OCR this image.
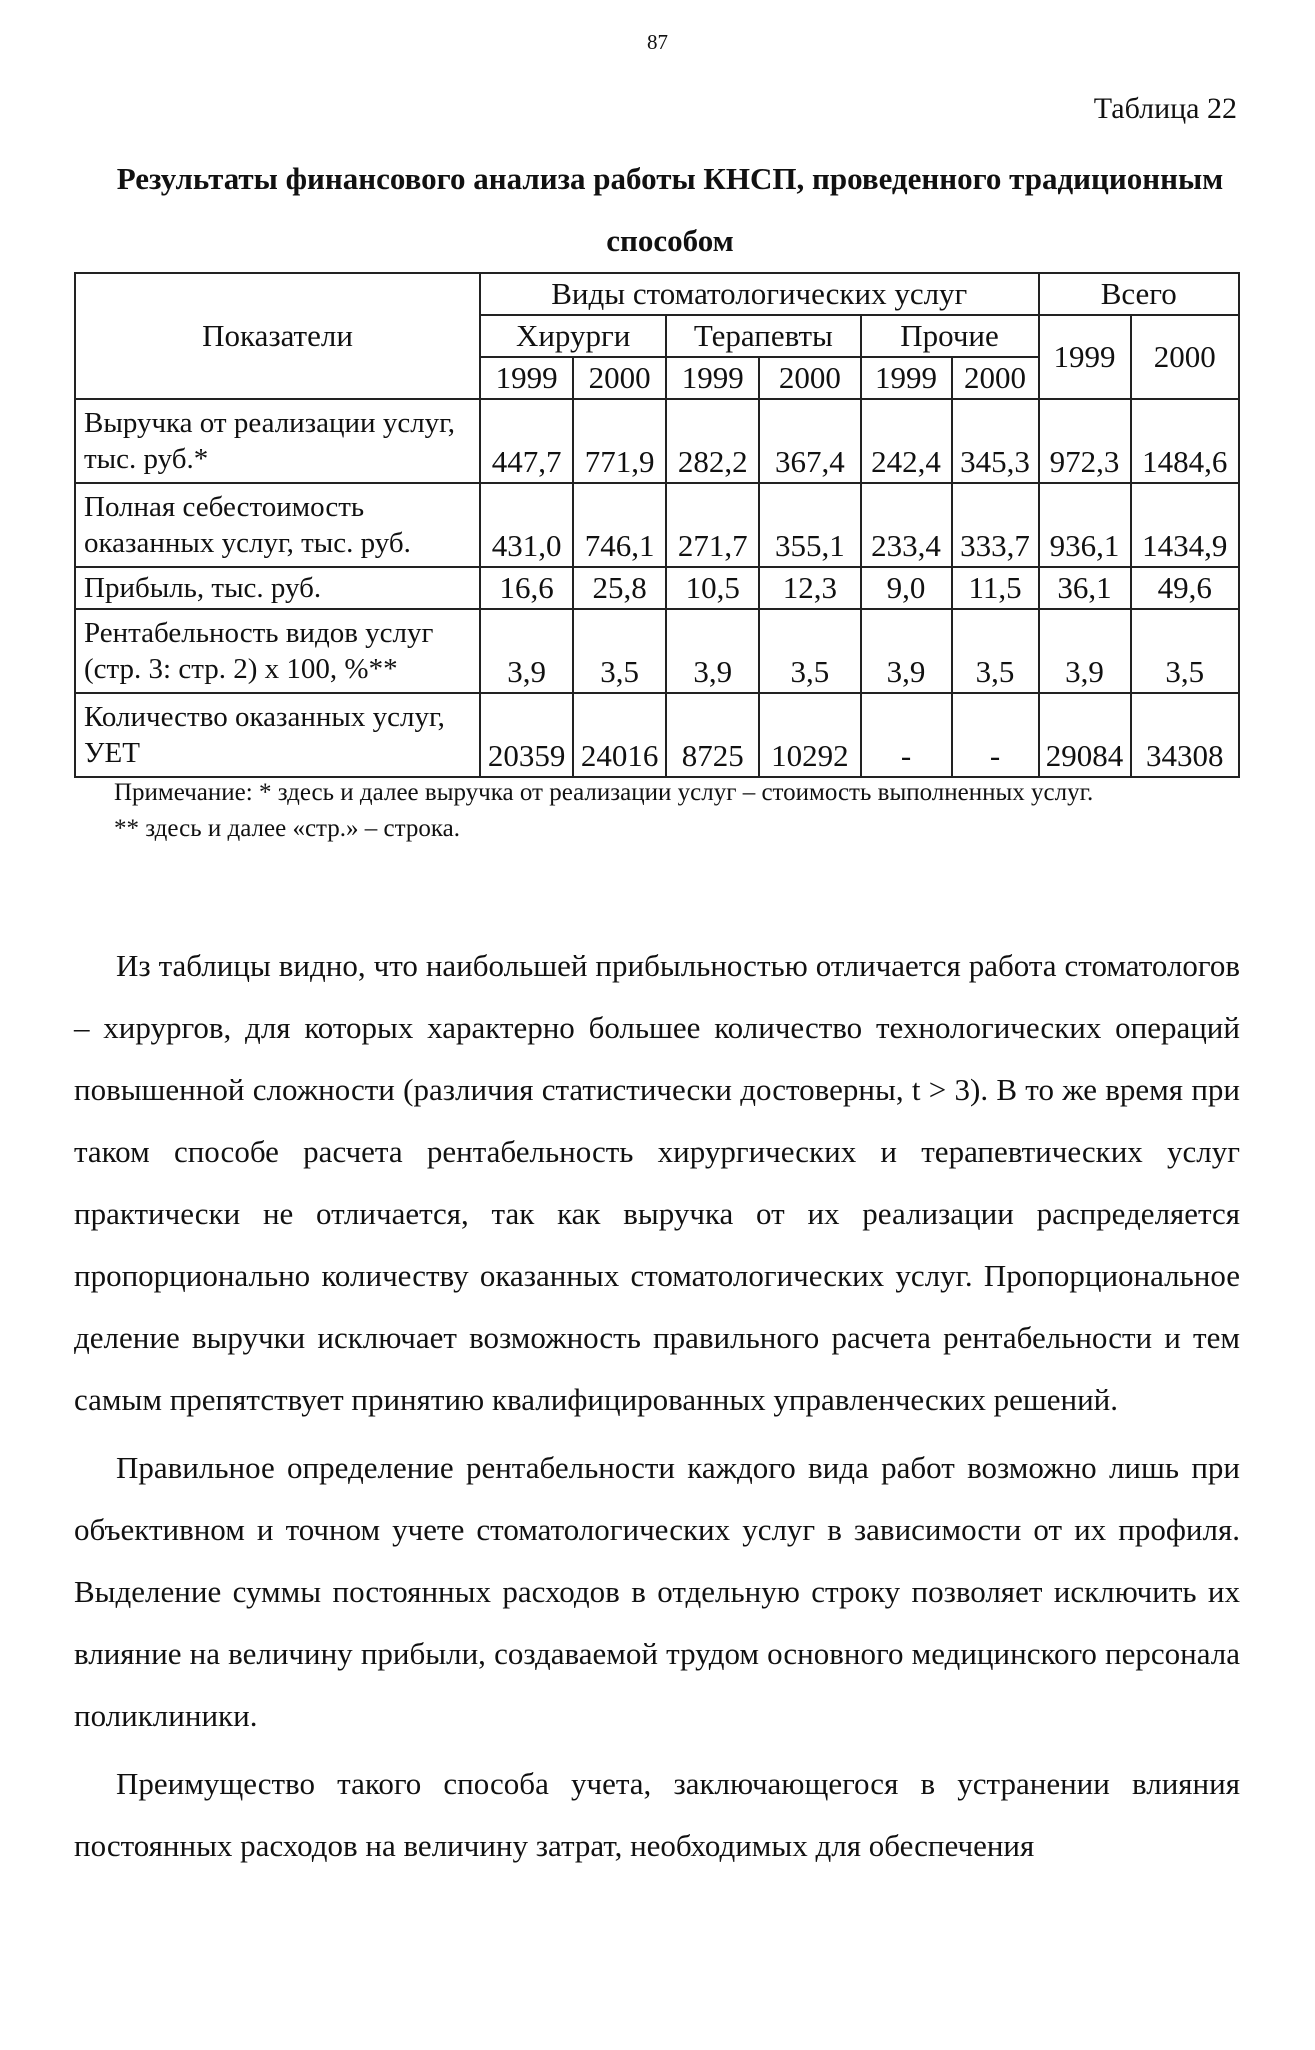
87
Таблица 22
Результаты финансового анализа работы КНСП, проведенного традиционным способом
Показатели	Виды стоматологических услуг						Всего	
	Хирурги		Терапевты		Прочие		1999	2000
	1999	2000	1999	2000	1999	2000		
Выручка от реализации услуг, тыс. руб.*	447,7	771,9	282,2	367,4	242,4	345,3	972,3	1484,6
Полная себестоимость оказанных услуг, тыс. руб.	431,0	746,1	271,7	355,1	233,4	333,7	936,1	1434,9
Прибыль, тыс. руб.	16,6	25,8	10,5	12,3	9,0	11,5	36,1	49,6
Рентабельность видов услуг (стр. 3: стр. 2) х 100, %**	3,9	3,5	3,9	3,5	3,9	3,5	3,9	3,5
Количество оказанных услуг, УЕТ	20359	24016	8725	10292	-	-	29084	34308

Примечание: * здесь и далее выручка от реализации услуг – стоимость выполненных услуг.

** здесь и далее «стр.» – строка.

Из таблицы видно, что наибольшей прибыльностью отличается работа стоматологов – хирургов, для которых характерно большее количество технологических операций повышенной сложности (различия статистически достоверны, t > 3). В то же время при таком способе расчета рентабельность хирургических и терапевтических услуг практически не отличается, так как выручка от их реализации распределяется пропорционально количеству оказанных стоматологических услуг. Пропорциональное деление выручки исключает возможность правильного расчета рентабельности и тем самым препятствует принятию квалифицированных управленческих решений.

Правильное определение рентабельности каждого вида работ возможно лишь при объективном и точном учете стоматологических услуг в зависимости от их профиля. Выделение суммы постоянных расходов в отдельную строку позволяет исключить их влияние на величину прибыли, создаваемой трудом основного медицинского персонала поликлиники.

Преимущество такого способа учета, заключающегося в устранении влияния постоянных расходов на величину затрат, необходимых для обеспечения
